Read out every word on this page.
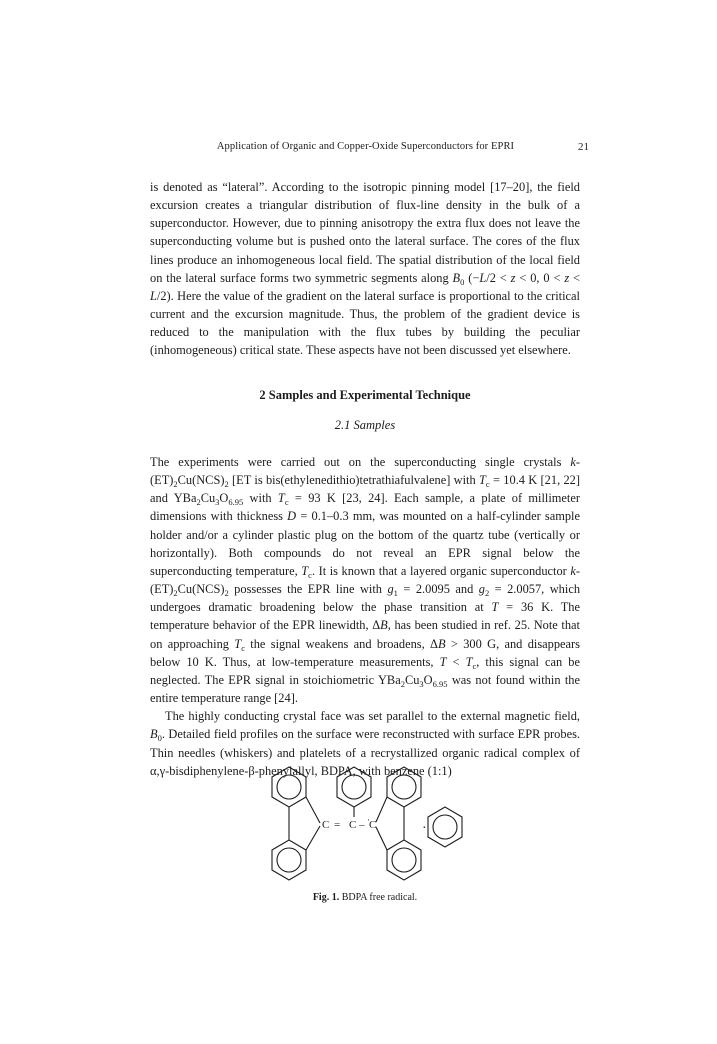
Application of Organic and Copper-Oxide Superconductors for EPRI	21

is denoted as “lateral”. According to the isotropic pinning model [17–20], the field excursion creates a triangular distribution of flux-line density in the bulk of a superconductor. However, due to pinning anisotropy the extra flux does not leave the superconducting volume but is pushed onto the lateral surface. The cores of the flux lines produce an inhomogeneous local field. The spatial distribution of the local field on the lateral surface forms two symmetric segments along $B_0$ (−L/2 < z < 0, 0 < z < L/2). Here the value of the gradient on the lateral surface is proportional to the critical current and the excursion magnitude. Thus, the problem of the gradient device is reduced to the manipulation with the flux tubes by building the peculiar (inhomogeneous) critical state. These aspects have not been discussed yet elsewhere.

2 Samples and Experimental Technique
2.1 Samples

The experiments were carried out on the superconducting single crystals $k-(ET)_2Cu(NCS)_2$ [ET is bis(ethylenedithio)tetrathiafulvalene] with $T_c = 10.4$ K [21, 22] and $YBa_2Cu_3O_{6.95}$ with $T_c = 93$ K [23, 24]. Each sample, a plate of millimeter dimensions with thickness D = 0.1–0.3 mm, was mounted on a half-cylinder sample holder and/or a cylinder plastic plug on the bottom of the quartz tube (vertically or horizontally). Both compounds do not reveal an EPR signal below the superconducting temperature, $T_c$. It is known that a layered organic superconductor $k-(ET)_2Cu(NCS)_2$ possesses the EPR line with $g_1 = 2.0095$ and $g_2 = 2.0057$, which undergoes dramatic broadening below the phase transition at T = 36 K. The temperature behavior of the EPR linewidth, ΔB, has been studied in ref. 25. Note that on approaching $T_c$ the signal weakens and broadens, ΔB > 300 G, and disappears below 10 K. Thus, at low-temperature measurements, $T < T_c$, this signal can be neglected. The EPR signal in stoichiometric $YBa_2Cu_3O_{6.95}$ was not found within the entire temperature range [24].

The highly conducting crystal face was set parallel to the external magnetic field, $B_0$. Detailed field profiles on the surface were reconstructed with surface EPR probes. Thin needles (whiskers) and platelets of a recrystallized organic radical complex of α,γ-bisdiphenylene-β-phenylallyl, BDPA, with benzene (1:1)

C = C – · C	·
Fig. 1. BDPA free radical.
